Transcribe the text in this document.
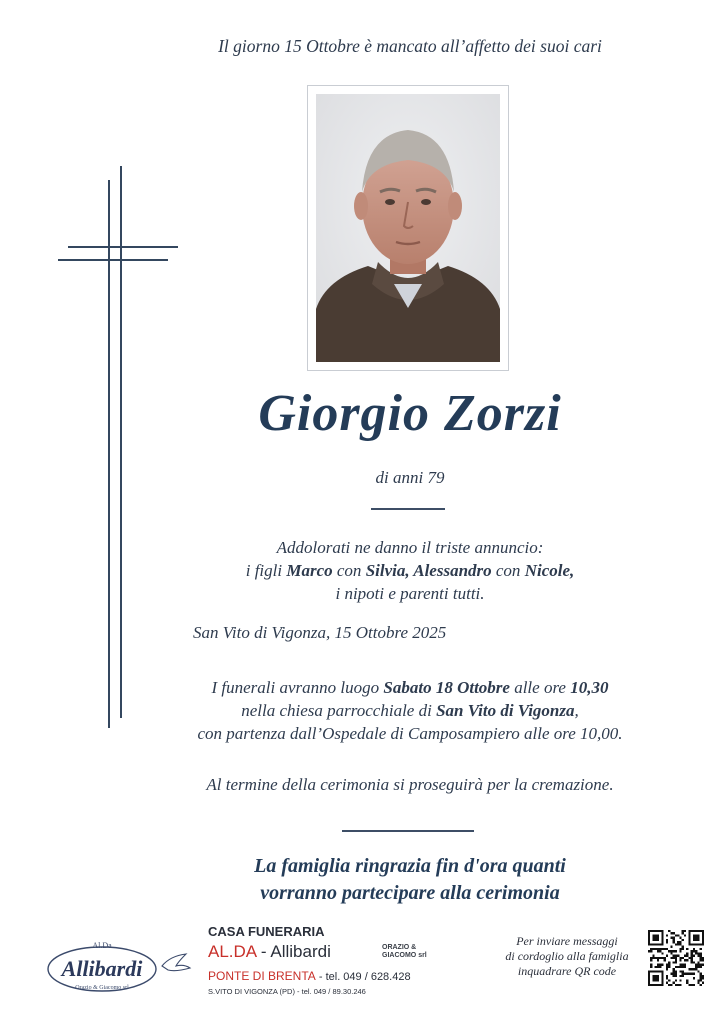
Il giorno 15 Ottobre è mancato all’affetto dei suoi cari
Giorgio Zorzi
di anni 79
Addolorati ne danno il triste annuncio:
i figli Marco con Silvia, Alessandro con Nicole,
i nipoti e parenti tutti.
San Vito di Vigonza, 15 Ottobre 2025
I funerali avranno luogo Sabato 18 Ottobre alle ore 10,30
nella chiesa parrocchiale di San Vito di Vigonza,
con partenza dall’Ospedale di Camposampiero alle ore 10,00.
Al termine della cerimonia si proseguirà per la cremazione.
La famiglia ringrazia fin d'ora quanti
vorranno partecipare alla cerimonia
Al.Da
Allibardi
Orazio & Giacomo srl
CASA FUNERARIA
AL.DA - Allibardi	ORAZIO &
GIACOMO srl
PONTE DI BRENTA - tel. 049 / 628.428
S.VITO DI VIGONZA (PD) - tel. 049 / 89.30.246
Per inviare messaggi
di cordoglio alla famiglia
inquadrare QR code
